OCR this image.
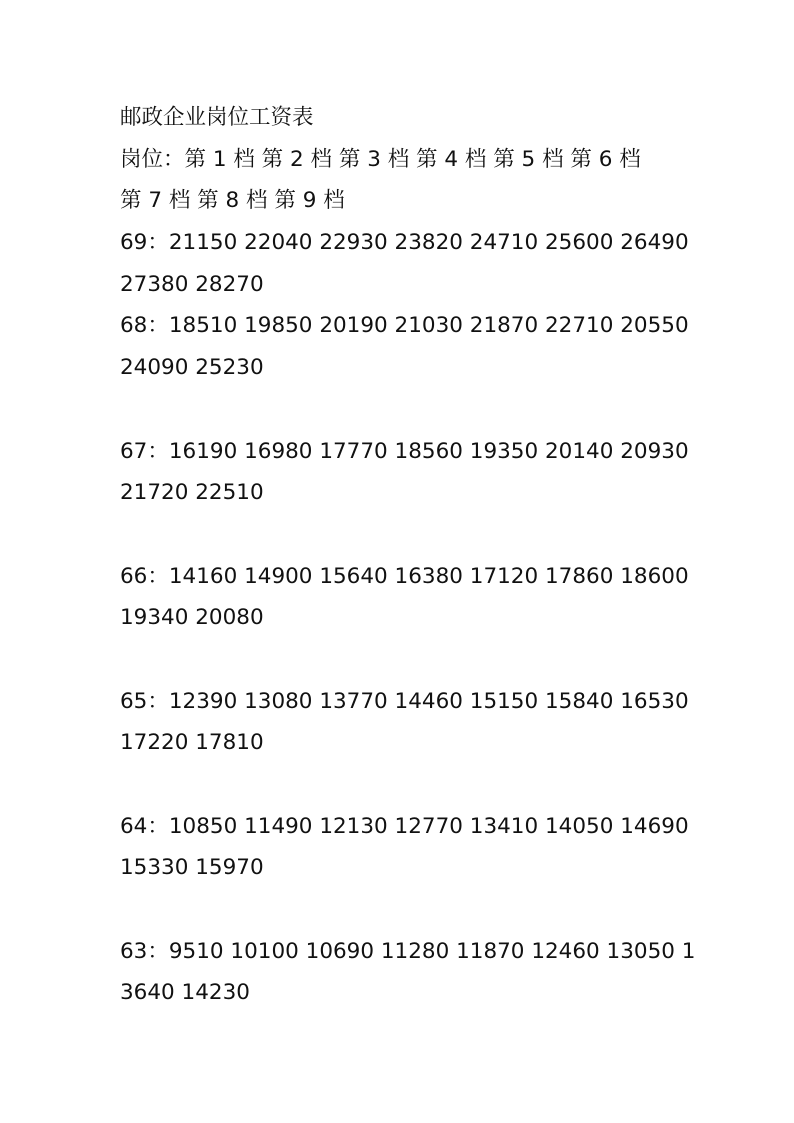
邮政企业岗位工资表
岗位：第 1 档 第 2 档 第 3 档 第 4 档 第 5 档 第 6 档
第 7 档 第 8 档 第 9 档
69：21150 22040 22930 23820 24710 25600 26490
27380 28270
68：18510 19850 20190 21030 21870 22710 20550
24090 25230
67：16190 16980 17770 18560 19350 20140 20930
21720 22510
66：14160 14900 15640 16380 17120 17860 18600
19340 20080
65：12390 13080 13770 14460 15150 15840 16530
17220 17810
64：10850 11490 12130 12770 13410 14050 14690
15330 15970
63：9510 10100 10690 11280 11870 12460 13050 1
3640 14230
